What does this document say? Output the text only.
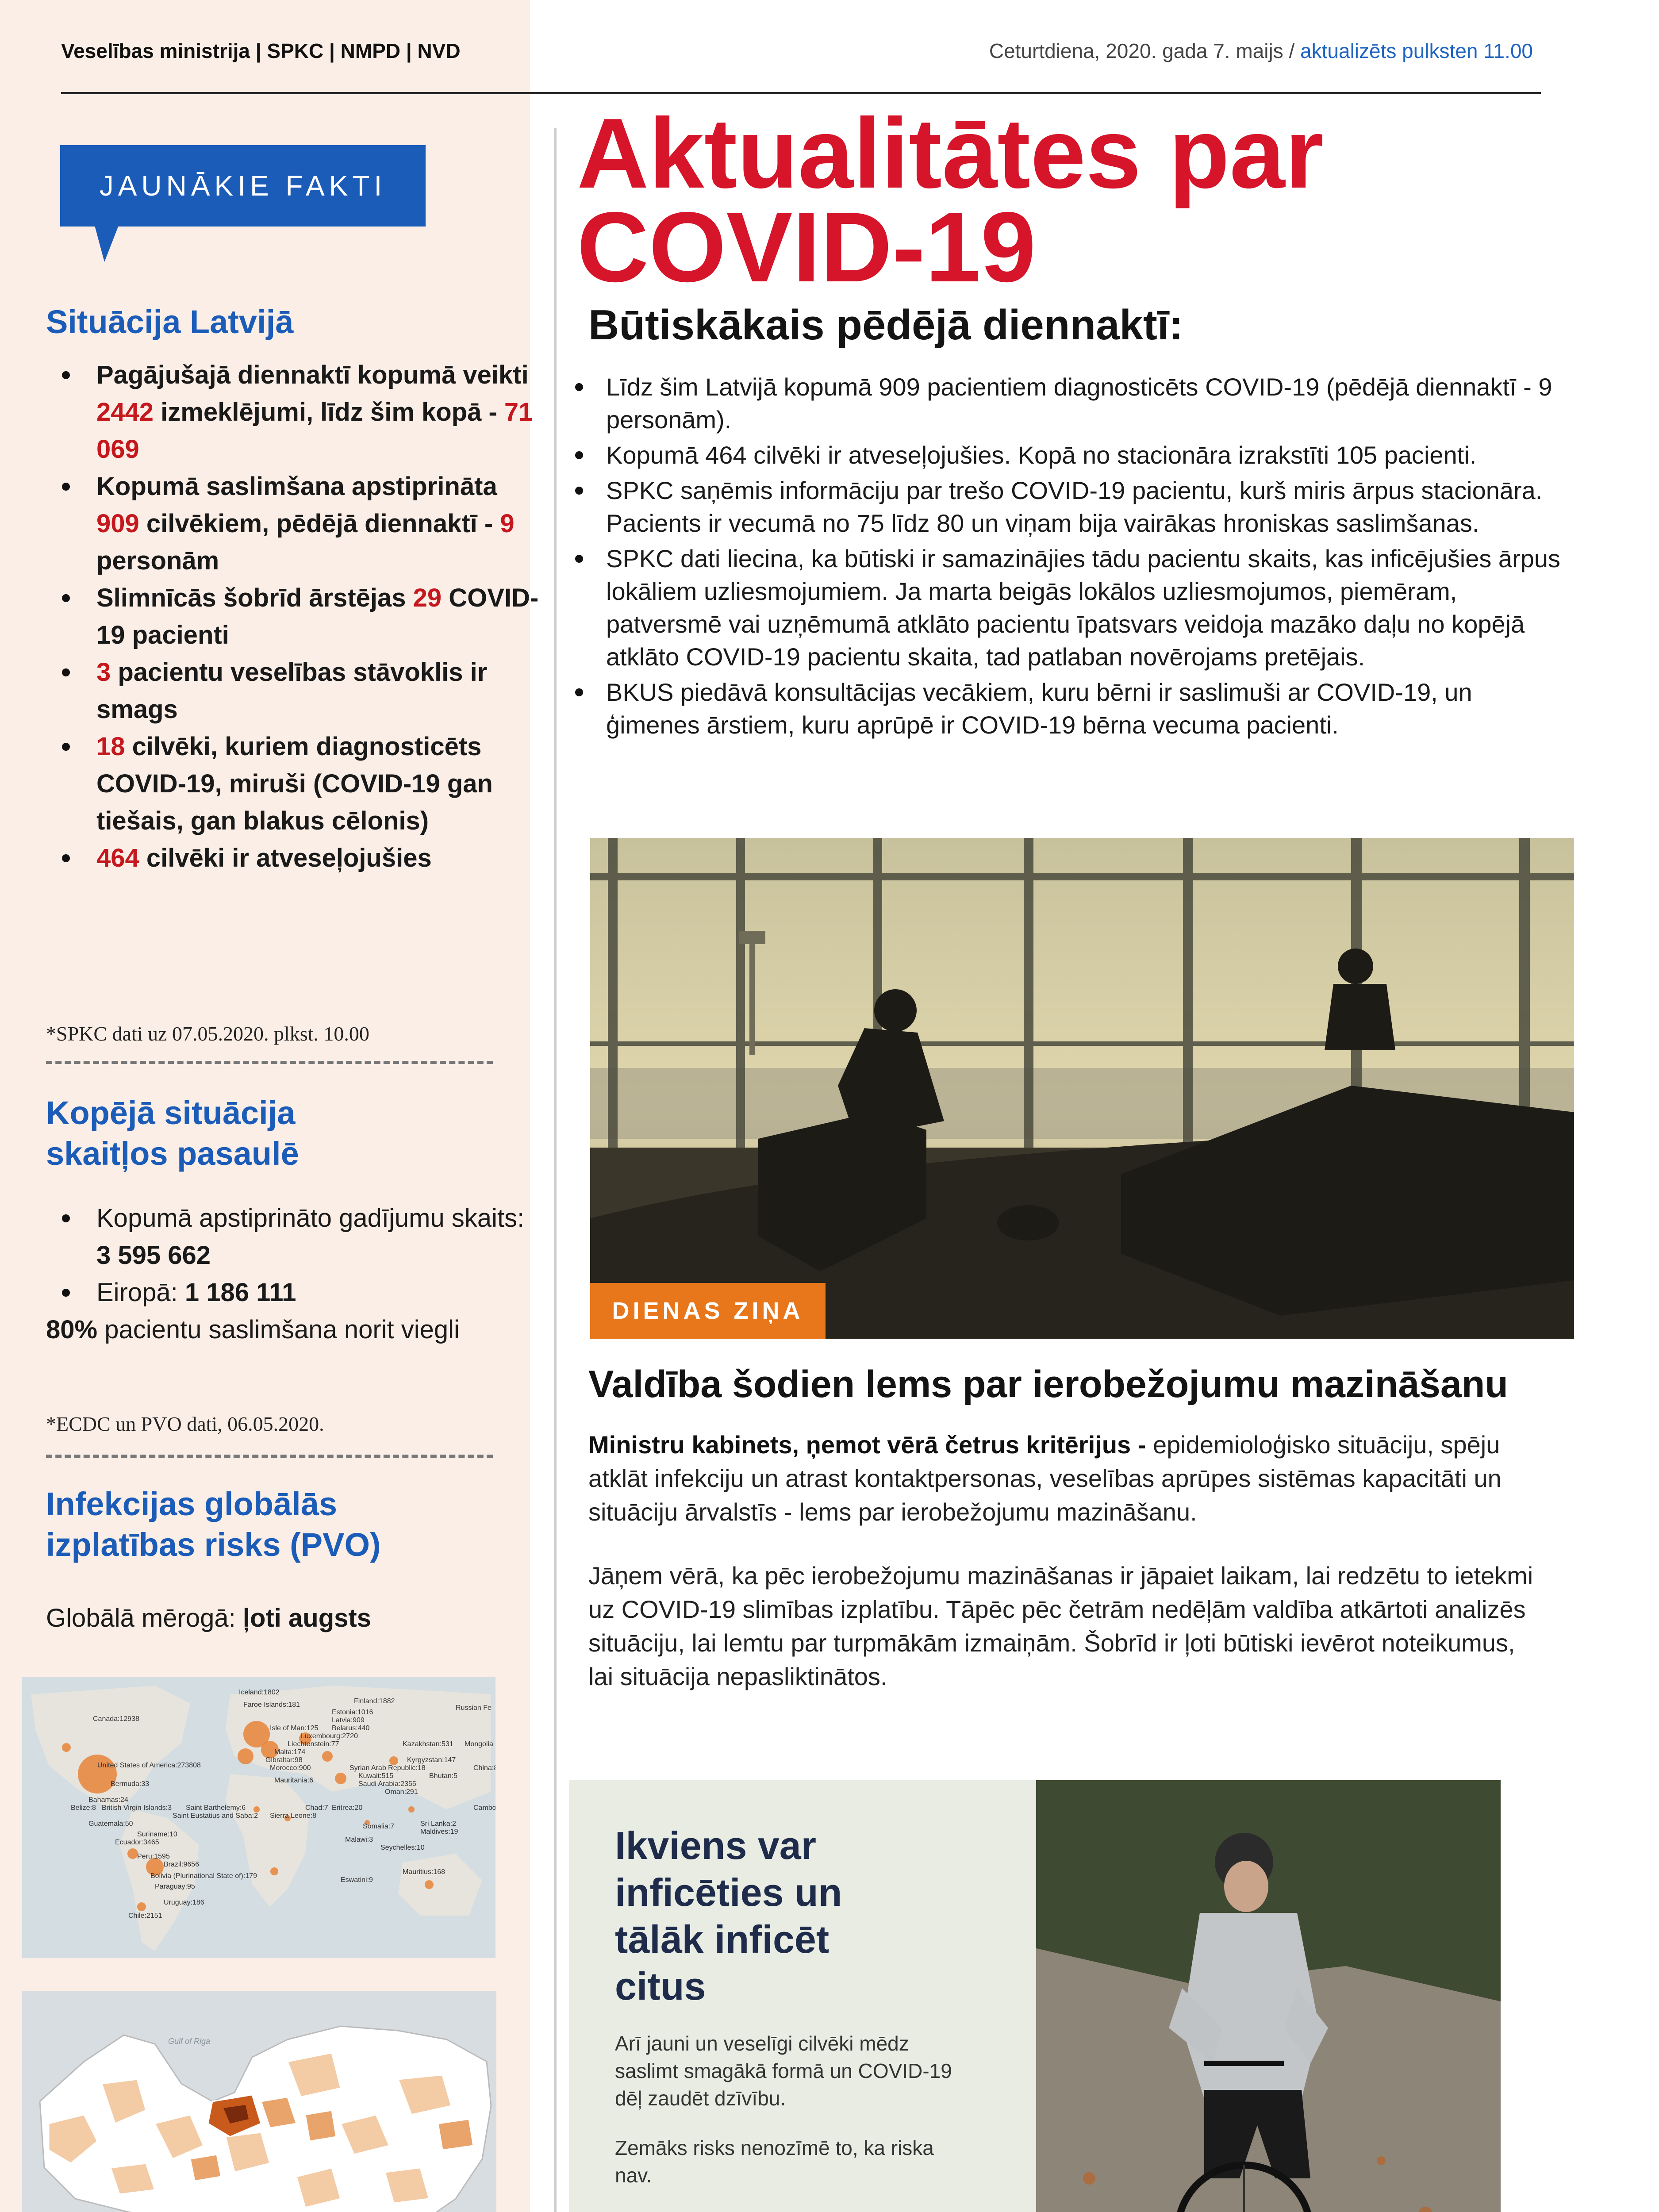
Veselības ministrija | SPKC | NMPD | NVD	Ceturtdiena, 2020. gada 7. maijs / aktualizēts pulksten 11.00
JAUNĀKIE FAKTI
Situācija Latvijā
Pagājušajā diennaktī kopumā veikti 2442 izmeklējumi, līdz šim kopā - 71 069
Kopumā saslimšana apstiprināta 909 cilvēkiem, pēdējā diennaktī - 9 personām
Slimnīcās šobrīd ārstējas 29 COVID-19 pacienti
3 pacientu veselības stāvoklis ir smags
18 cilvēki, kuriem diagnosticēts COVID-19, miruši (COVID-19 gan tiešais, gan blakus cēlonis)
464 cilvēki ir atveseļojušies
*SPKC dati uz 07.05.2020. plkst. 10.00
Kopējā situācija skaitļos pasaulē
Kopumā apstiprināto gadījumu skaits: 3 595 662
Eiropā: 1 186 111
80% pacientu saslimšana norit viegli
*ECDC un PVO dati, 06.05.2020.
Infekcijas globālās izplatības risks (PVO)
Globālā mērogā: ļoti augsts
Iceland:1802
Finland:1882
Russian Fe
Faroe Islands:181
Estonia:1016
Latvia:909
Canada:12938
Isle of Man:125 Belarus:440
Luxembourg:2720
Liechtenstein:77	Kazakhstan:531 Mongolia
Malta:174
Kyrgyzstan:147
United States of America:273808
Gibraltar:98
Syrian Arab Republic:18	China:8
Bermuda:33
Morocco:900
Kuwait:515	Bhutan:5
Bahamas:24
Mauritania:6	Saudi Arabia:2355
Belize:8 British Virgin Islands:3
Oman:291
Saint Barthelemy:6	Chad:7 Eritrea:20
Sri Lanka:2
Cambo
Saint Eustatius and Saba:2 Sierra Leone:8
Maldives:19
Guatemala:50	Somalia:7
Suriname:10
Malawi:3
Ecuador:3465
Seychelles:10
Peru:1595
Brazil:9656
Mauritius:168
Bolivia (Plurinational State of):179
Eswatini:9
Paraguay:95
Uruguay:186
Chile:2151
Gulf of Riga
Aktualitātes par COVID-19
Būtiskākais pēdējā diennaktī:
Līdz šim Latvijā kopumā 909 pacientiem diagnosticēts COVID-19 (pēdējā diennaktī - 9 personām).
Kopumā 464 cilvēki ir atveseļojušies. Kopā no stacionāra izrakstīti 105 pacienti.
SPKC saņēmis informāciju par trešo COVID-19 pacientu, kurš miris ārpus stacionāra. Pacients ir vecumā no 75 līdz 80 un viņam bija vairākas hroniskas saslimšanas.
SPKC dati liecina, ka būtiski ir samazinājies tādu pacientu skaits, kas inficējušies ārpus lokāliem uzliesmojumiem. Ja marta beigās lokālos uzliesmojumos, piemēram, patversmē vai uzņēmumā atklāto pacientu īpatsvars veidoja mazāko daļu no kopējā atklāto COVID-19 pacientu skaita, tad patlaban novērojams pretējais.
BKUS piedāvā konsultācijas vecākiem, kuru bērni ir saslimuši ar COVID-19, un ģimenes ārstiem, kuru aprūpē ir COVID-19 bērna vecuma pacienti.
DIENAS ZIŅA
Valdība šodien lems par ierobežojumu mazināšanu

Ministru kabinets, ņemot vērā četrus kritērijus - epidemioloģisko situāciju, spēju atklāt infekciju un atrast kontaktpersonas, veselības aprūpes sistēmas kapacitāti un situāciju ārvalstīs - lems par ierobežojumu mazināšanu.

Jāņem vērā, ka pēc ierobežojumu mazināšanas ir jāpaiet laikam, lai redzētu to ietekmi uz COVID-19 slimības izplatību. Tāpēc pēc četrām nedēļām valdība atkārtoti analizēs situāciju, lai lemtu par turpmākām izmaiņām. Šobrīd ir ļoti būtiski ievērot noteikumus, lai situācija nepasliktinātos.

Ikviens var inficēties un tālāk inficēt citus

Arī jauni un veselīgi cilvēki mēdz saslimt smagākā formā un COVID-19 dēļ zaudēt dzīvību.

Zemāks risks nenozīmē to, ka riska nav.
